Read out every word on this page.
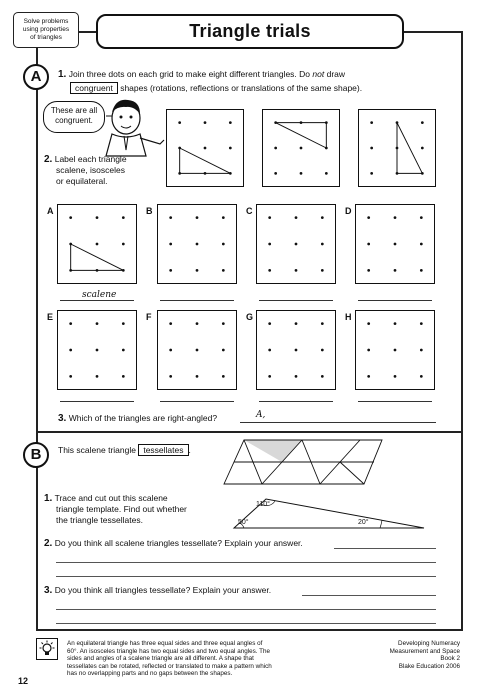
Solve problems
using properties
of triangles	Triangle trials
A	1. Join three dots on each grid to make eight different triangles. Do not draw
congruent shapes (rotations, reflections or translations of the same shape).
These are all congruent.
2. Label each triangle
scalene, isosceles
or equilateral.
A	B	C	D
scalene
E	F	G	H
3. Which of the triangles are right-angled?	A,
B	This scalene triangle tessellates .
1. Trace and cut out this scalene
triangle template. Find out whether
the triangle tessellates.
110°
50°	20°
2. Do you think all scalene triangles tessellate? Explain your answer.
3. Do you think all triangles tessellate? Explain your answer.
An equilateral triangle has three equal sides and three equal angles of
60°. An isosceles triangle has two equal sides and two equal angles. The
sides and angles of a scalene triangle are all different. A shape that
tessellates can be rotated, reflected or translated to make a pattern which
has no overlapping parts and no gaps between the shapes.
Developing Numeracy
Measurement and Space
Book 2
Blake Education 2006
12
